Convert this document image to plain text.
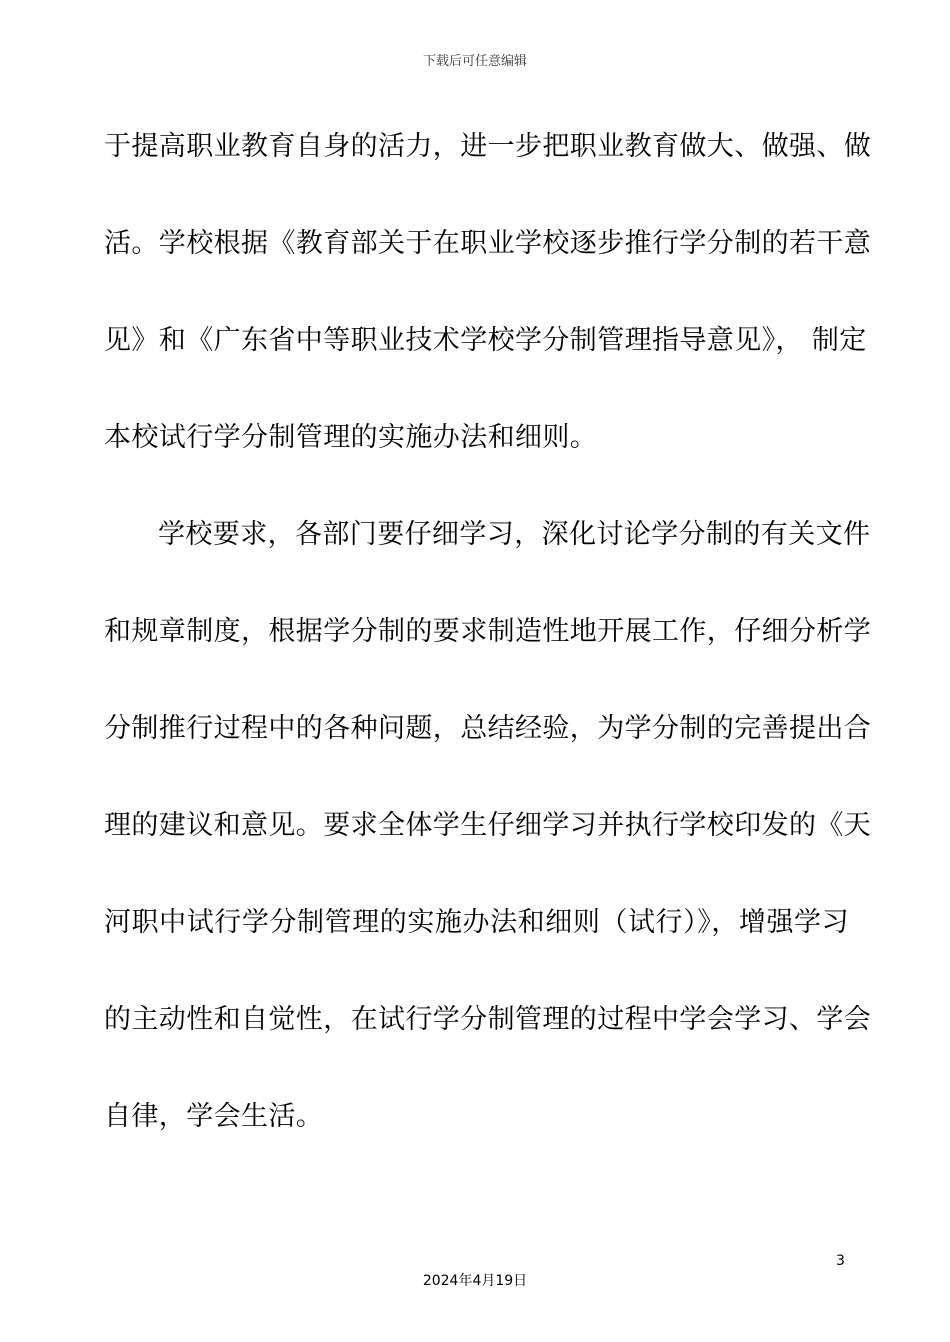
下载后可任意编辑
于提高职业教育自身的活力，进一步把职业教育做大、做强、做
活。学校根据《教育部关于在职业学校逐步推行学分制的若干意
见》和《广东省中等职业技术学校学分制管理指导意见》， 制定
本校试行学分制管理的实施办法和细则。
学校要求，各部门要仔细学习，深化讨论学分制的有关文件
和规章制度，根据学分制的要求制造性地开展工作，仔细分析学
分制推行过程中的各种问题，总结经验，为学分制的完善提出合
理的建议和意见。要求全体学生仔细学习并执行学校印发的《天
河职中试行学分制管理的实施办法和细则（试行）》，增强学习
的主动性和自觉性，在试行学分制管理的过程中学会学习、学会
自律，学会生活。
3
2024年4月19日
